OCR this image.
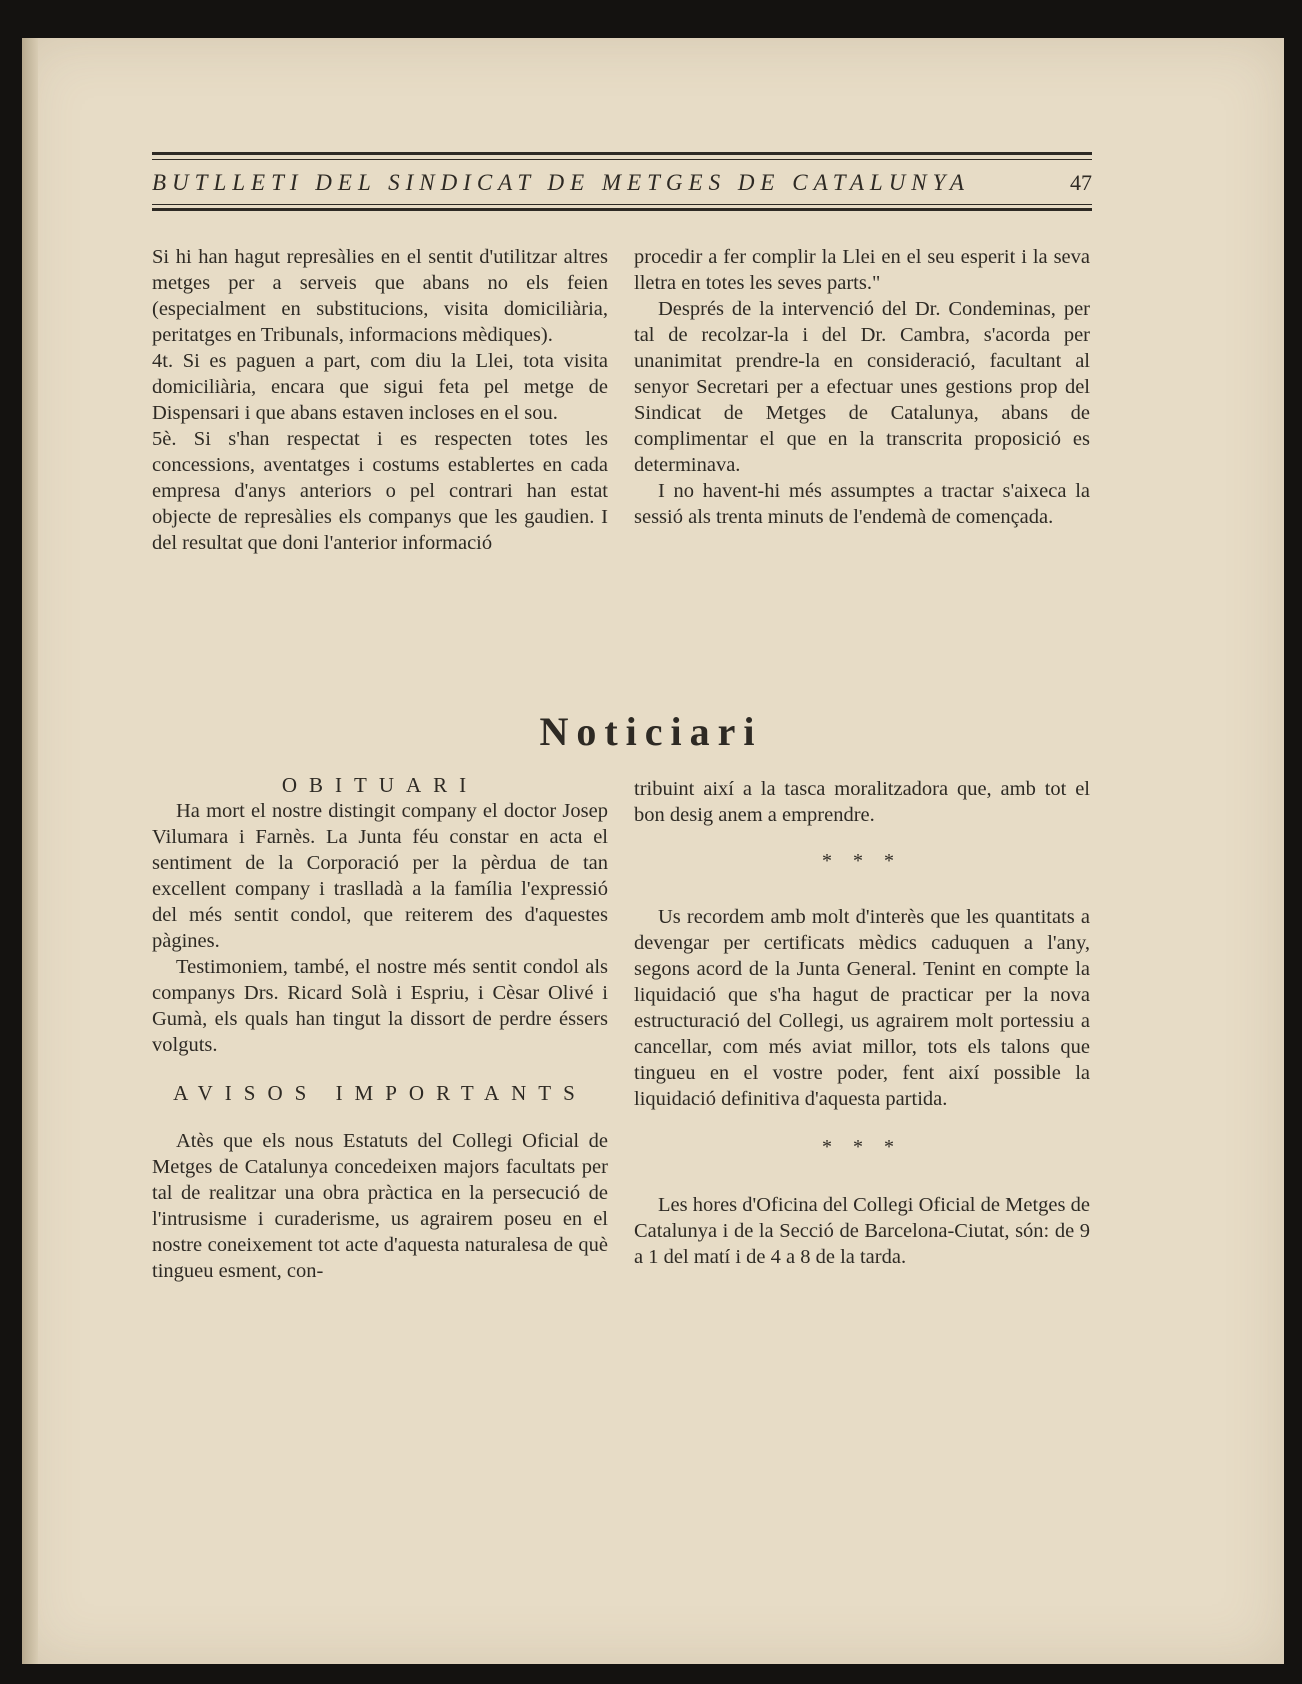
BUTLLETI DEL SINDICAT DE METGES DE CATALUNYA	47

Si hi han hagut represàlies en el sentit d'utilitzar altres metges per a serveis que abans no els feien (especialment en substitucions, visita domiciliària, peritatges en Tribunals, informacions mèdiques).

4t. Si es paguen a part, com diu la Llei, tota visita domiciliària, encara que sigui feta pel metge de Dispensari i que abans estaven incloses en el sou.

5è. Si s'han respectat i es respecten totes les concessions, aventatges i costums establertes en cada empresa d'anys anteriors o pel contrari han estat objecte de represàlies els companys que les gaudien. I del resultat que doni l'anterior informació

procedir a fer complir la Llei en el seu esperit i la seva lletra en totes les seves parts."

Després de la intervenció del Dr. Condeminas, per tal de recolzar-la i del Dr. Cambra, s'acorda per unanimitat prendre-la en consideració, facultant al senyor Secretari per a efectuar unes gestions prop del Sindicat de Metges de Catalunya, abans de complimentar el que en la transcrita proposició es determinava.

I no havent-hi més assumptes a tractar s'aixeca la sessió als trenta minuts de l'endemà de començada.

Noticiari

OBITUARI

Ha mort el nostre distingit company el doctor Josep Vilumara i Farnès. La Junta féu constar en acta el sentiment de la Corporació per la pèrdua de tan excellent company i traslladà a la família l'expressió del més sentit condol, que reiterem des d'aquestes pàgines.

Testimoniem, també, el nostre més sentit condol als companys Drs. Ricard Solà i Espriu, i Cèsar Olivé i Gumà, els quals han tingut la dissort de perdre éssers volguts.

AVISOS IMPORTANTS

Atès que els nous Estatuts del Collegi Oficial de Metges de Catalunya concedeixen majors facultats per tal de realitzar una obra pràctica en la persecució de l'intrusisme i curaderisme, us agrairem poseu en el nostre coneixement tot acte d'aquesta naturalesa de què tingueu esment, con-

tribuint així a la tasca moralitzadora que, amb tot el bon desig anem a emprendre.

* * *

Us recordem amb molt d'interès que les quantitats a devengar per certificats mèdics caduquen a l'any, segons acord de la Junta General. Tenint en compte la liquidació que s'ha hagut de practicar per la nova estructuració del Collegi, us agrairem molt portessiu a cancellar, com més aviat millor, tots els talons que tingueu en el vostre poder, fent així possible la liquidació definitiva d'aquesta partida.

* * *

Les hores d'Oficina del Collegi Oficial de Metges de Catalunya i de la Secció de Barcelona-Ciutat, són: de 9 a 1 del matí i de 4 a 8 de la tarda.
